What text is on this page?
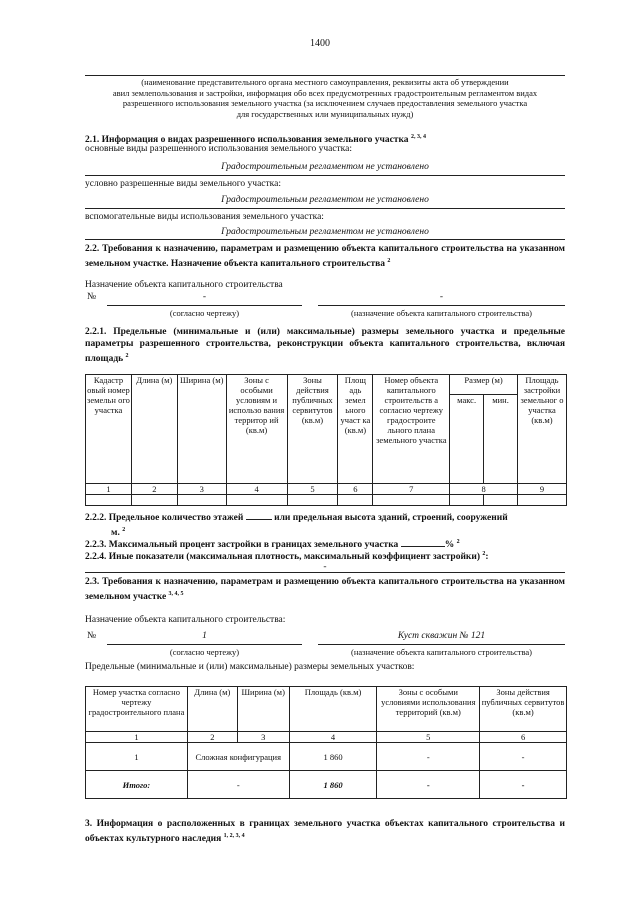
1400
(наименование представительного органа местного самоуправления, реквизиты акта об утверждении
авил землепользования и застройки, информация обо всех предусмотренных градостроительным регламентом видах
разрешенного использования земельного участка (за исключением случаев предоставления земельного участка
для государственных или муниципальных нужд)
2.1. Информация о видах разрешенного использования земельного участка $^{2, 3, 4}$
основные виды разрешенного использования земельного участка:
Градостроительным регламентом не установлено
условно разрешенные виды земельного участка:
Градостроительным регламентом не установлено
вспомогательные виды использования земельного участка:
Градостроительным регламентом не установлено
2.2. Требования к назначению, параметрам и размещению объекта капитального строительства на указанном земельном участке. Назначение объекта капитального строительства $^2$
Назначение объекта капитального строительства
№	-	-
(согласно чертежу)	(назначение объекта капитального строительства)
2.2.1. Предельные (минимальные и (или) максимальные) размеры земельного участка и предельные параметры разрешенного строительства, реконструкции объекта капитального строительства, включая площадь $^2$
Кадастр овый номер земельн ого участка	Длина (м)	Ширина (м)	Зоны с особыми условиям и использо вания территор ий (кв.м)	Зоны действия публичных сервитутов (кв.м)	Площ адь земел ьного участ ка (кв.м)	Номер объекта капитального строительств а согласно чертежу градостроите льного плана земельного участка	Размер (м)		Площадь застройки земельног о участка (кв.м)
							макс.	мин.	
1	2	3	4	5	6	7	8		9

2.2.2. Предельное количество этажей	или предельная высота зданий, строений, сооружений
м. $^2$
2.2.3. Максимальный процент застройки в границах земельного участка	% $^2$
2.2.4. Иные показатели (максимальная плотность, максимальный коэффициент застройки) $^2$:
-
2.3. Требования к назначению, параметрам и размещению объекта капитального строительства на указанном земельном участке $^{3, 4, 5}$
Назначение объекта капитального строительства:
№	1	Куст скважин № 121
(согласно чертежу)	(назначение объекта капитального строительства)
Предельные (минимальные и (или) максимальные) размеры земельных участков:
Номер участка согласно чертежу градостроительного плана	Длина (м)	Ширина (м)	Площадь (кв.м)	Зоны с особыми условиями использования территорий (кв.м)	Зоны действия публичных сервитутов (кв.м)
1	2	3	4	5	6
1	Сложная конфигурация		1 860	-	-
Итого:	-		1 860	-	-
3. Информация о расположенных в границах земельного участка объектах капитального строительства и объектах культурного наследия $^{1, 2, 3, 4}$
